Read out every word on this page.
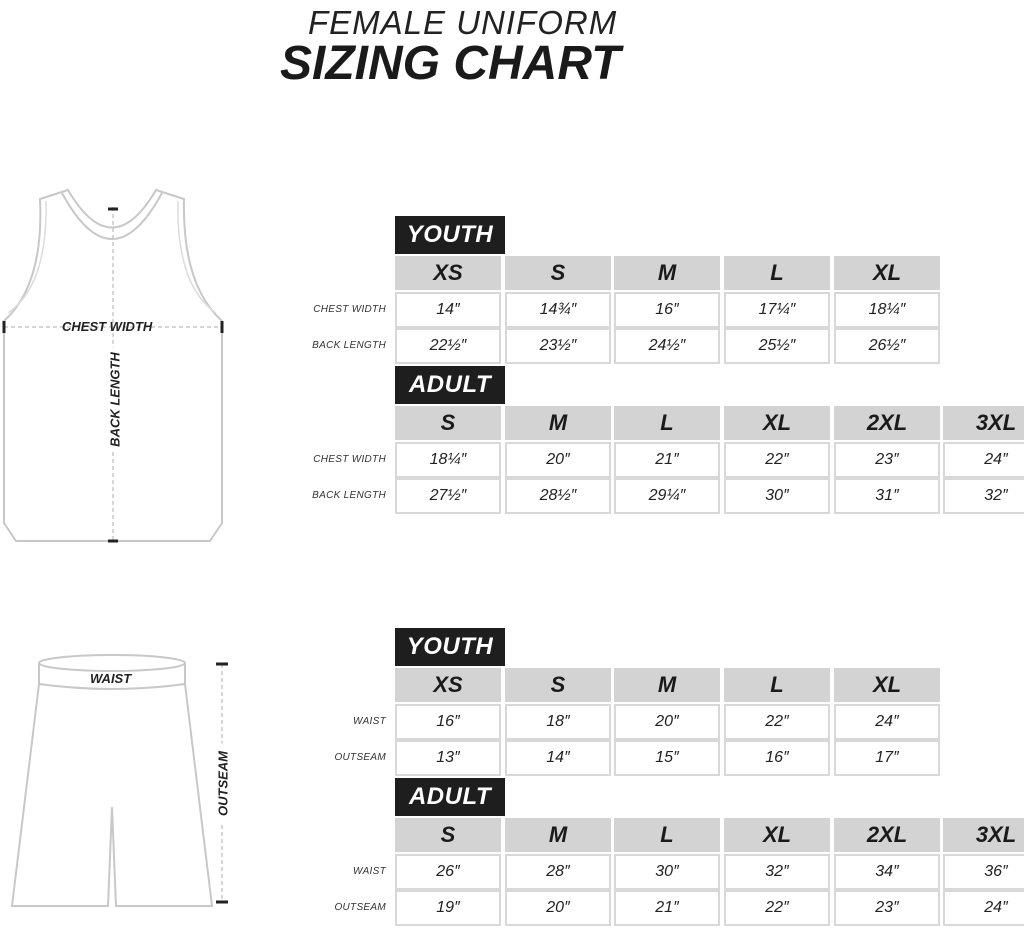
FEMALE UNIFORM
SIZING CHART
CHEST WIDTH
BACK LENGTH
WAIST
OUTSEAM
YOUTH
XS	S	M	L	XL
CHEST WIDTH	14″	14¾″	16″	17¼″	18¼″
BACK LENGTH	22½″	23½″	24½″	25½″	26½″
ADULT
S	M	L	XL	2XL	3XL
CHEST WIDTH	18¼″	20″	21″	22″	23″	24″
BACK LENGTH	27½″	28½″	29¼″	30″	31″	32″
YOUTH
XS	S	M	L	XL
WAIST	16″	18″	20″	22″	24″
OUTSEAM	13″	14″	15″	16″	17″
ADULT
S	M	L	XL	2XL	3XL
WAIST	26″	28″	30″	32″	34″	36″
OUTSEAM	19″	20″	21″	22″	23″	24″
